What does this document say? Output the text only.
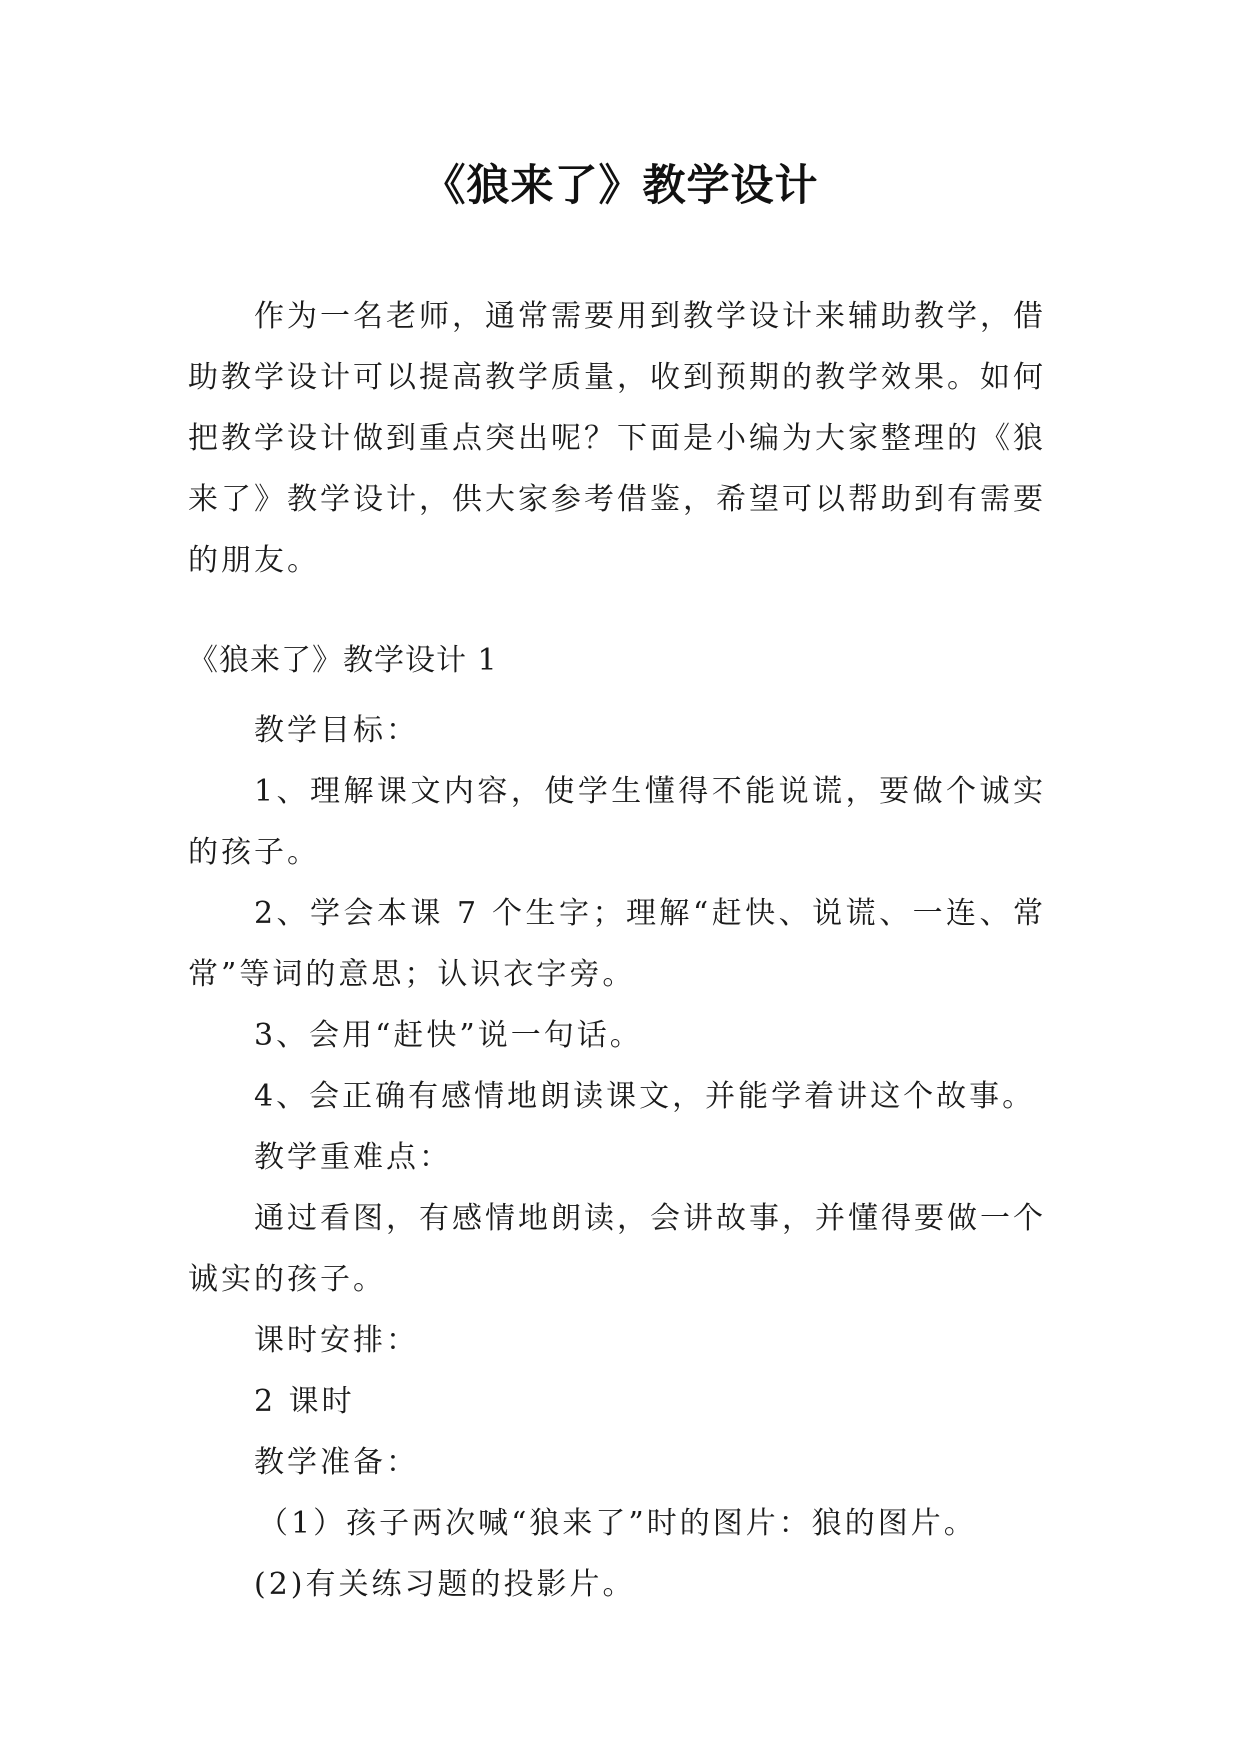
《狼来了》教学设计

作为一名老师，通常需要用到教学设计来辅助教学，借助教学设计可以提高教学质量，收到预期的教学效果。如何把教学设计做到重点突出呢？下面是小编为大家整理的《狼来了》教学设计，供大家参考借鉴，希望可以帮助到有需要的朋友。

《狼来了》教学设计 1

教学目标：

1、理解课文内容，使学生懂得不能说谎，要做个诚实的孩子。

2、学会本课 7 个生字；理解“赶快、说谎、一连、常常”等词的意思；认识衣字旁。

3、会用“赶快”说一句话。

4、会正确有感情地朗读课文，并能学着讲这个故事。

教学重难点：

通过看图，有感情地朗读，会讲故事，并懂得要做一个诚实的孩子。

课时安排：

2 课时

教学准备：

（1）孩子两次喊“狼来了”时的图片：狼的图片。

(2)有关练习题的投影片。
